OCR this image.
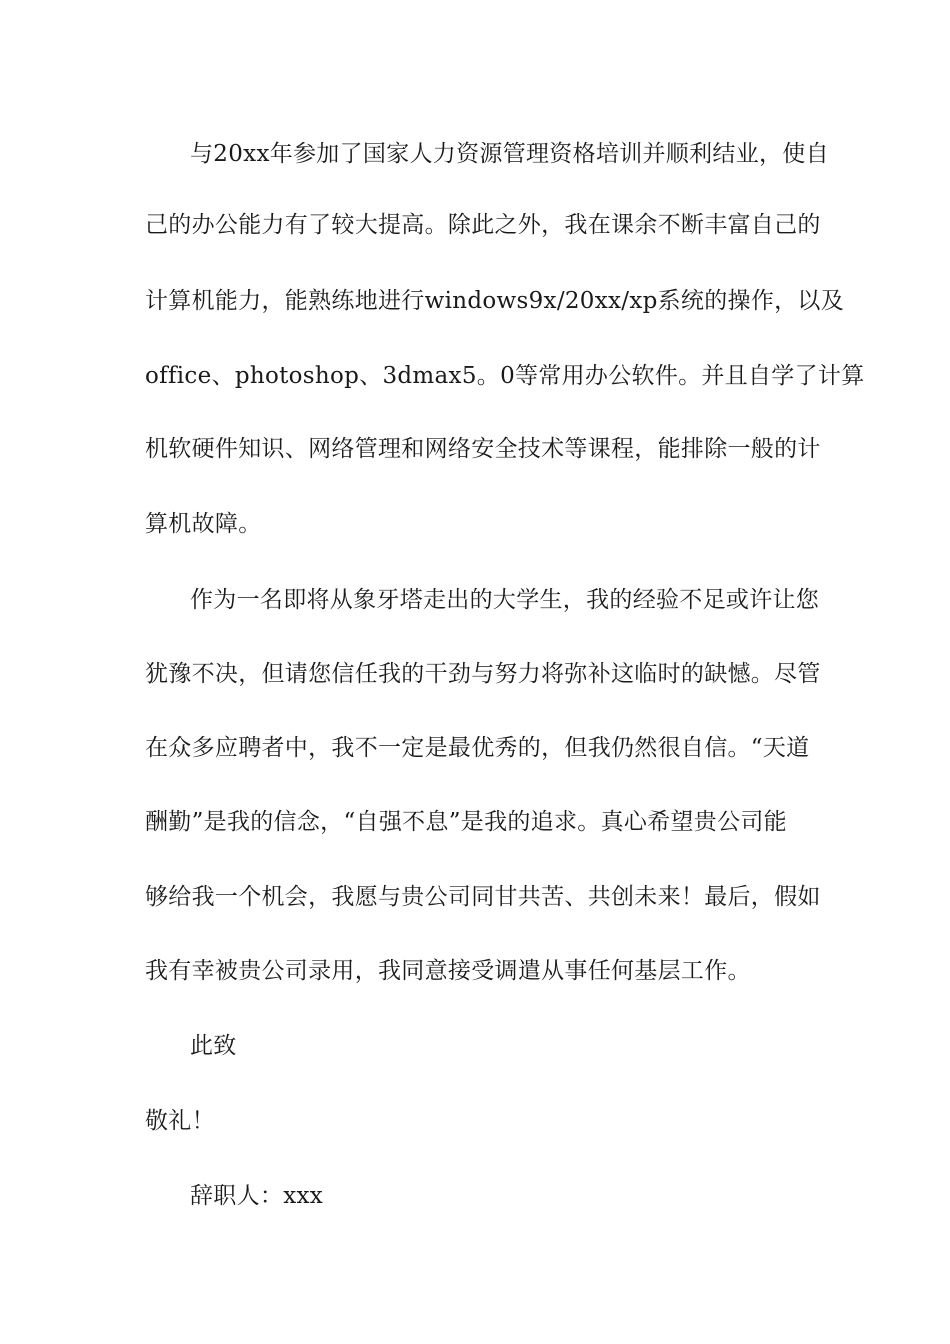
与20xx年参加了国家人力资源管理资格培训并顺利结业，使自
己的办公能力有了较大提高。除此之外，我在课余不断丰富自己的
计算机能力，能熟练地进行windows9x/20xx/xp系统的操作，以及
office、photoshop、3dmax5。0等常用办公软件。并且自学了计算
机软硬件知识、网络管理和网络安全技术等课程，能排除一般的计
算机故障。
作为一名即将从象牙塔走出的大学生，我的经验不足或许让您
犹豫不决，但请您信任我的干劲与努力将弥补这临时的缺憾。尽管
在众多应聘者中，我不一定是最优秀的，但我仍然很自信。“天道
酬勤”是我的信念，“自强不息”是我的追求。真心希望贵公司能
够给我一个机会，我愿与贵公司同甘共苦、共创未来！最后，假如
我有幸被贵公司录用，我同意接受调遣从事任何基层工作。
此致
敬礼！
辞职人：xxx
